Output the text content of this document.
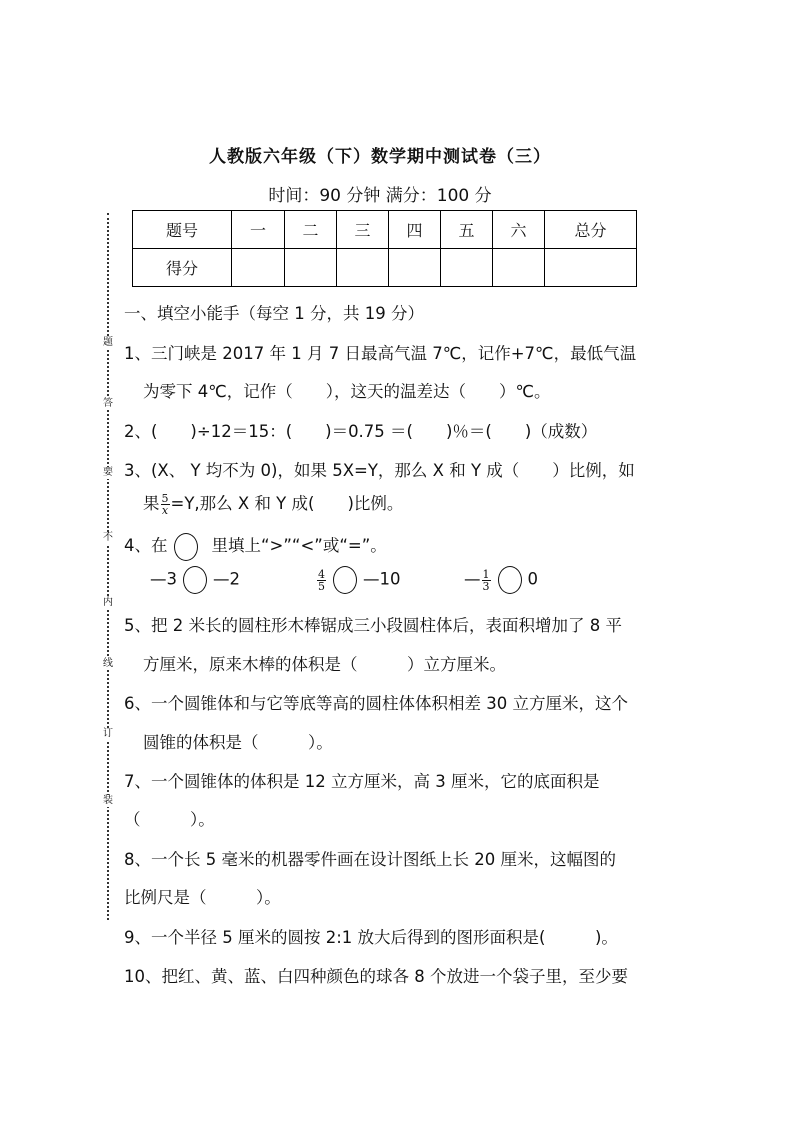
人教版六年级（下）数学期中测试卷（三）
时间：90 分钟 满分：100 分
题号	一	二	三	四	五	六	总分
得分							
题
答
要
不
内
线
订
装
一、填空小能手（每空 1 分，共 19 分）
1、三门峡是 2017 年 1 月 7 日最高气温 7℃，记作+7℃，最低气温
为零下 4℃，记作（　　），这天的温差达（　　）℃。
2、(　　)÷12＝15：(　　)＝0.75 ＝(　　)％＝(　　)（成数）
3、(X、 Y 均不为 0)，如果 5X=Y，那么 X 和 Y 成（　　）比例，如
果 $\frac{5}{x} =Y$,那么 X 和 Y 成(　　)比例。
4、在	里填上“>”“<”或“=”。
—3 —2	$\frac{4}{5}$ —10	— $\frac{1}{3} 0$
5、把 2 米长的圆柱形木棒锯成三小段圆柱体后，表面积增加了 8 平
方厘米，原来木棒的体积是（　　　）立方厘米。
6、一个圆锥体和与它等底等高的圆柱体体积相差 30 立方厘米，这个
圆锥的体积是（　　　）。
7、一个圆锥体的体积是 12 立方厘米，高 3 厘米，它的底面积是
（　　　）。
8、一个长 5 毫米的机器零件画在设计图纸上长 20 厘米，这幅图的
比例尺是（　　　）。
9、一个半径 5 厘米的圆按 2:1 放大后得到的图形面积是(　　　)。
10、把红、黄、蓝、白四种颜色的球各 8 个放进一个袋子里，至少要
